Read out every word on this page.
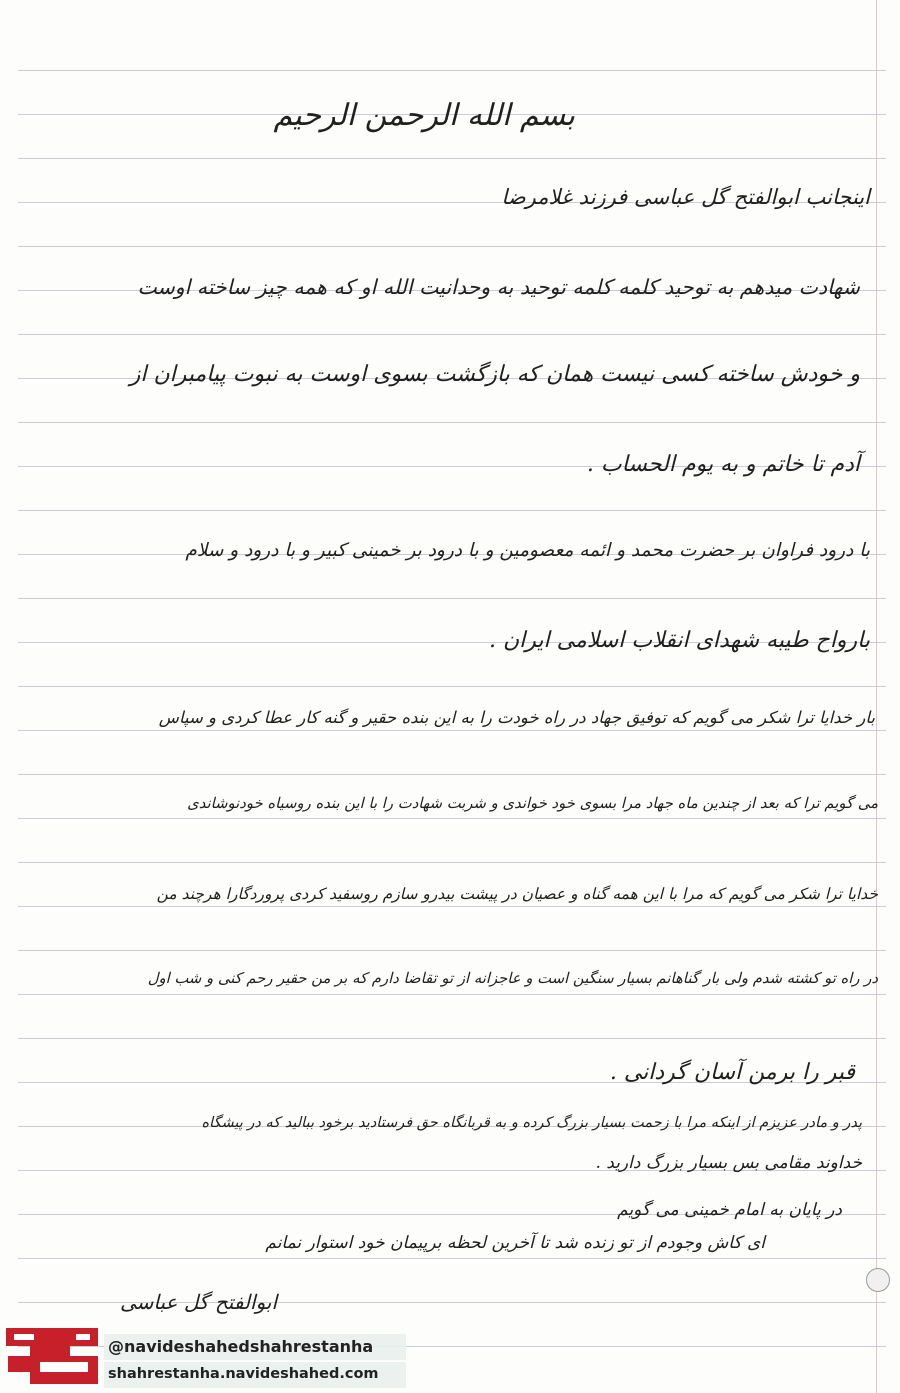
بسم الله الرحمن الرحیم
اینجانب ابوالفتح گل عباسی فرزند غلامرضا
شهادت میدهم به توحید کلمه کلمه توحید به وحدانیت الله او که همه چیز ساخته اوست
و خودش ساخته کسی نیست همان که بازگشت بسوی اوست به نبوت پیامبران از
آدم تا خاتم و به یوم الحساب .
با درود فراوان بر حضرت محمد و ائمه معصومین و با درود بر خمینی کبیر و با درود و سلام
بارواح طیبه شهدای انقلاب اسلامی ایران .
بار خدایا ترا شکر می گویم که توفیق جهاد در راه خودت را به این بنده حقیر و گنه کار عطا کردی و سپاس
می گویم ترا که بعد از چندین ماه جهاد مرا بسوی خود خواندی و شربت شهادت را با این بنده روسیاه خودنوشاندی
خدایا ترا شکر می گویم که مرا با این همه گناه و عصیان در پیشت بیدرو سازم روسفید کردی پروردگارا هرچند من
در راه تو کشته شدم ولی بار گناهانم بسیار سنگین است و عاجزانه از تو تقاضا دارم که بر من حقیر رحم کنی و شب اول
قبر را برمن آسان گردانی .
پدر و مادر عزیزم از اینکه مرا با زحمت بسیار بزرگ کرده و به قربانگاه حق فرستادید برخود ببالید که در پیشگاه
خداوند مقامی بس بسیار بزرگ دارید .
در پایان به امام خمینی می گویم
ای کاش وجودم از تو زنده شد تا آخرین لحظه برپیمان خود استوار نمانم
ابوالفتح گل عباسی
@navideshahedshahrestanha
shahrestanha.navideshahed.com
